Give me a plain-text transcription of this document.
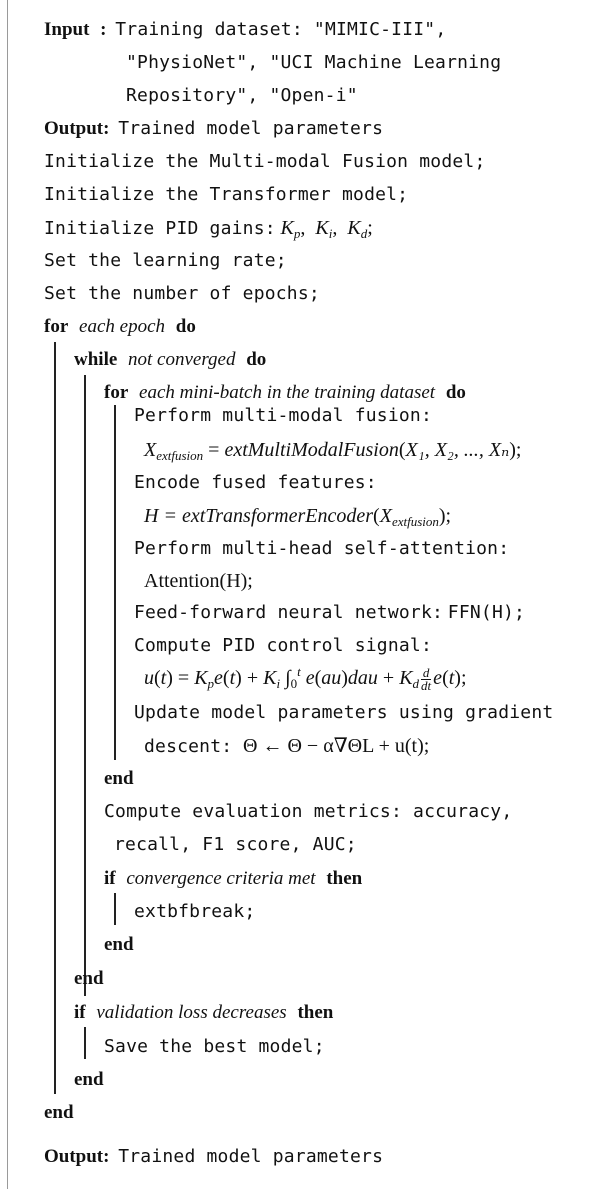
Input : Training dataset: "MIMIC-III",
"PhysioNet", "UCI Machine Learning
Repository", "Open-i"
Output: Trained model parameters
Initialize the Multi-modal Fusion model;
Initialize the Transformer model;
Initialize PID gains: $K_p$,  $K_i$,  $K_d$;
Set the learning rate;
Set the number of epochs;
for each epoch do
while not converged do
for each mini-batch in the training dataset do
Perform multi-modal fusion:
$X_{extfusion}$ = extMultiModalFusion(X₁, X₂, ..., Xₙ);
Encode fused features:
$H = extTransformerEncoder(X_{extfusion})$;
Perform multi-head self-attention:
Attention(H);
Feed-forward neural network: FFN(H);
Compute PID control signal:
$u(t) = K_pe(t) + K_i$ $\int_0^t$ $e(au)dau + K_d \frac{d}{dt} e(t)$;
Update model parameters using gradient
descent: Θ ← Θ − α∇ΘL + u(t);
end
Compute evaluation metrics: accuracy,
recall, F1 score, AUC;
if convergence criteria met then
extbfbreak;
end
end
if validation loss decreases then
Save the best model;
end
end
Output: Trained model parameters
